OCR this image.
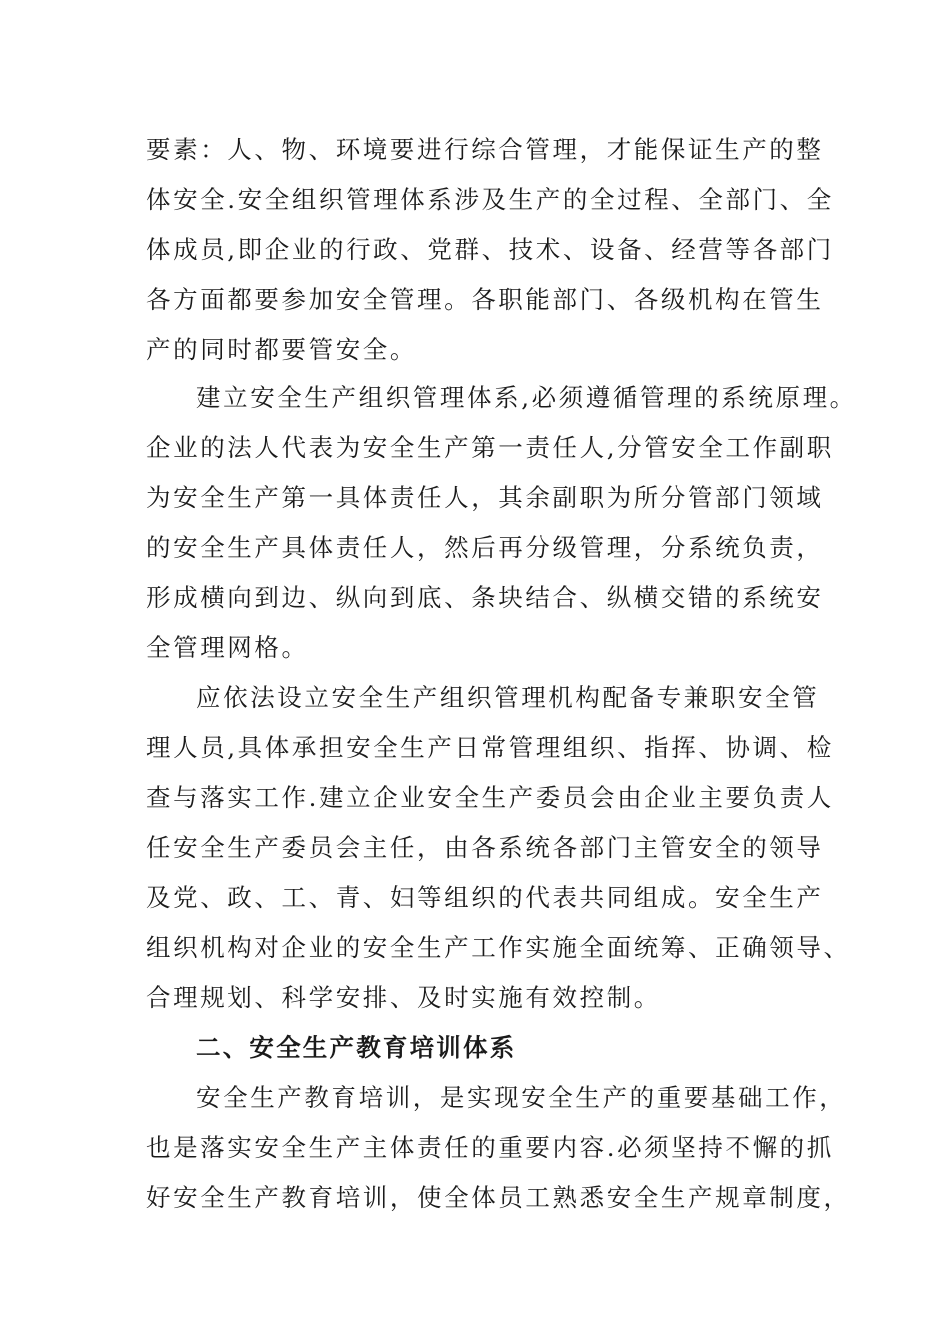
要素：人、物、环境要进行综合管理，才能保证生产的整
体安全.安全组织管理体系涉及生产的全过程、全部门、全
体成员,即企业的行政、党群、技术、设备、经营等各部门
各方面都要参加安全管理。各职能部门、各级机构在管生
产的同时都要管安全。
建立安全生产组织管理体系,必须遵循管理的系统原理。
企业的法人代表为安全生产第一责任人,分管安全工作副职
为安全生产第一具体责任人，其余副职为所分管部门领域
的安全生产具体责任人，然后再分级管理，分系统负责，
形成横向到边、纵向到底、条块结合、纵横交错的系统安
全管理网格。
应依法设立安全生产组织管理机构配备专兼职安全管
理人员,具体承担安全生产日常管理组织、指挥、协调、检
查与落实工作.建立企业安全生产委员会由企业主要负责人
任安全生产委员会主任，由各系统各部门主管安全的领导
及党、政、工、青、妇等组织的代表共同组成。安全生产
组织机构对企业的安全生产工作实施全面统筹、正确领导、
合理规划、科学安排、及时实施有效控制。
二、安全生产教育培训体系
安全生产教育培训，是实现安全生产的重要基础工作，
也是落实安全生产主体责任的重要内容.必须坚持不懈的抓
好安全生产教育培训，使全体员工熟悉安全生产规章制度，
